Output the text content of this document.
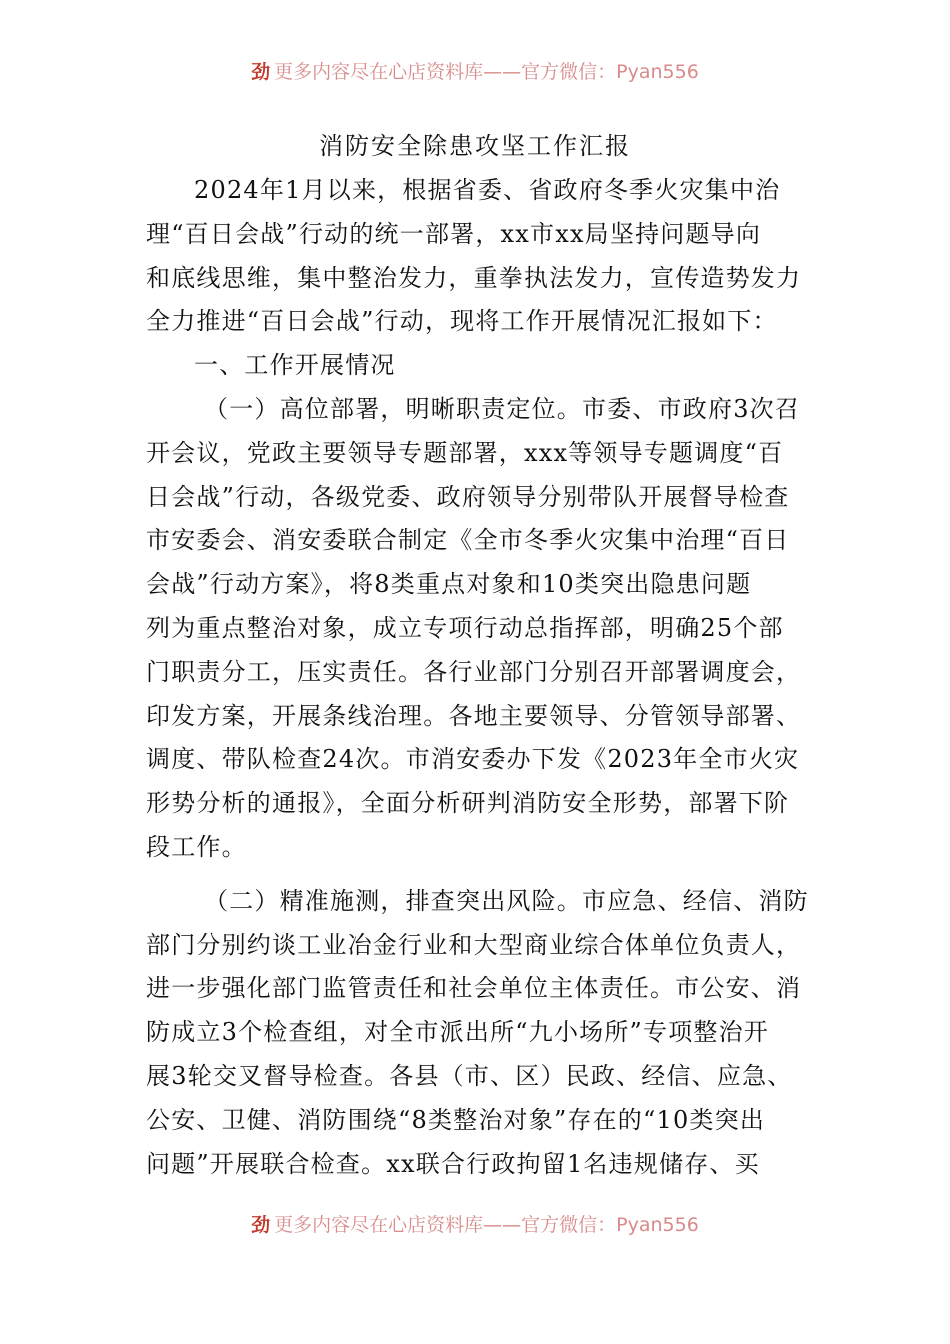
劲 更多内容尽在心店资料库——官方微信：Pyan556
消防安全除患攻坚工作汇报
2024年1月以来，根据省委、省政府冬季火灾集中治
理“百日会战”行动的统一部署，xx市xx局坚持问题导向
和底线思维，集中整治发力，重拳执法发力，宣传造势发力
全力推进“百日会战”行动，现将工作开展情况汇报如下：
一、工作开展情况
（一）高位部署，明晰职责定位。市委、市政府3次召
开会议，党政主要领导专题部署，xxx等领导专题调度“百
日会战”行动，各级党委、政府领导分别带队开展督导检查
市安委会、消安委联合制定《全市冬季火灾集中治理“百日
会战”行动方案》，将8类重点对象和10类突出隐患问题
列为重点整治对象，成立专项行动总指挥部，明确25个部
门职责分工，压实责任。各行业部门分别召开部署调度会，
印发方案，开展条线治理。各地主要领导、分管领导部署、
调度、带队检查24次。市消安委办下发《2023年全市火灾
形势分析的通报》，全面分析研判消防安全形势，部署下阶
段工作。
（二）精准施测，排查突出风险。市应急、经信、消防
部门分别约谈工业冶金行业和大型商业综合体单位负责人，
进一步强化部门监管责任和社会单位主体责任。市公安、消
防成立3个检查组，对全市派出所“九小场所”专项整治开
展3轮交叉督导检查。各县（市、区）民政、经信、应急、
公安、卫健、消防围绕“8类整治对象”存在的“10类突出
问题”开展联合检查。xx联合行政拘留1名违规储存、买
劲 更多内容尽在心店资料库——官方微信：Pyan556
